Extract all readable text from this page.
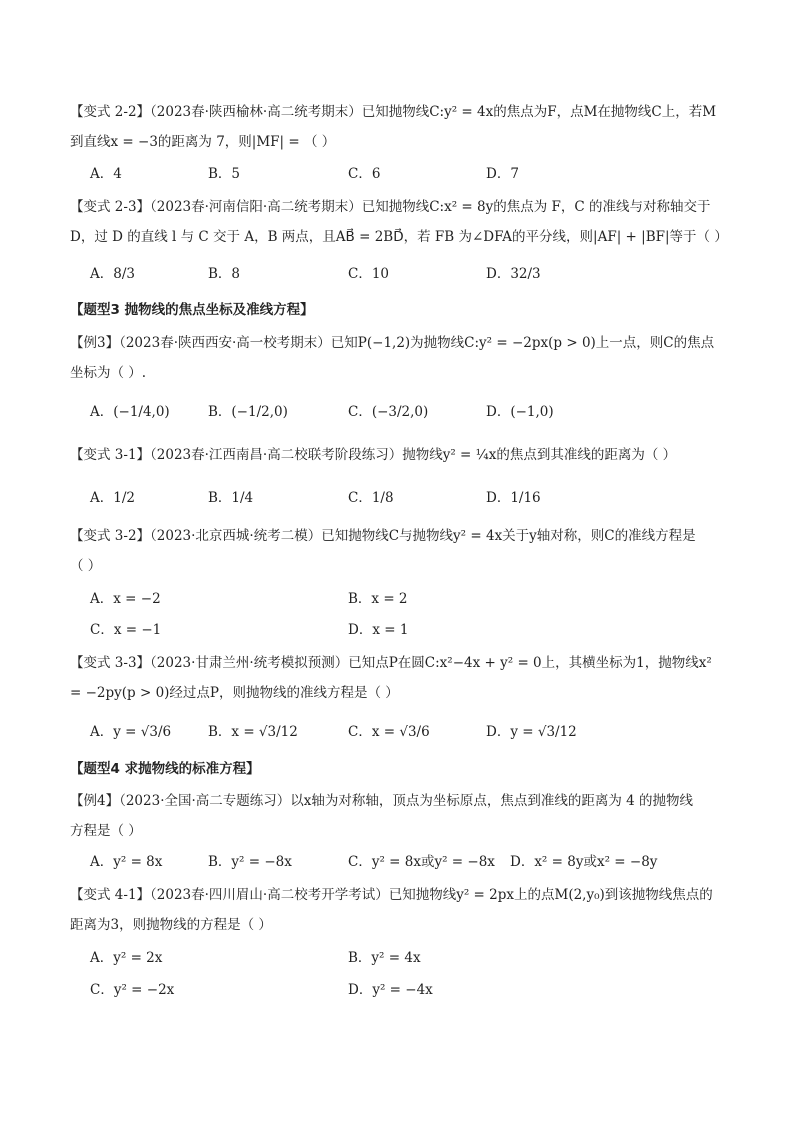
【变式 2-2】（2023春·陕西榆林·高二统考期末）已知抛物线C:y² = 4x的焦点为F，点M在抛物线C上，若M
到直线x = −3的距离为 7，则|MF| = （ ）
A．4	B．5	C．6	D．7
【变式 2-3】（2023春·河南信阳·高二统考期末）已知抛物线C:x² = 8y的焦点为 F，C 的准线与对称轴交于
D，过 D 的直线 l 与 C 交于 A，B 两点，且AB⃗ = 2BD⃗，若 FB 为∠DFA的平分线，则|AF| + |BF|等于（ ）
A．8/3	B．8	C．10	D．32/3
【题型3 抛物线的焦点坐标及准线方程】
【例3】（2023春·陕西西安·高一校考期末）已知P(−1,2)为抛物线C:y² = −2px(p > 0)上一点，则C的焦点
坐标为（ ）.
A．(−1/4,0)	B．(−1/2,0)	C．(−3/2,0)	D．(−1,0)
【变式 3-1】（2023春·江西南昌·高二校联考阶段练习）抛物线y² = ¼x的焦点到其准线的距离为（ ）
A．1/2	B．1/4	C．1/8	D．1/16
【变式 3-2】（2023·北京西城·统考二模）已知抛物线C与抛物线y² = 4x关于y轴对称，则C的准线方程是
（ ）
A．x = −2	B．x = 2
C．x = −1	D．x = 1
【变式 3-3】（2023·甘肃兰州·统考模拟预测）已知点P在圆C:x²−4x + y² = 0上，其横坐标为1，抛物线x²
= −2py(p > 0)经过点P，则抛物线的准线方程是（ ）
A．y = √3/6	B．x = √3/12	C．x = √3/6	D．y = √3/12
【题型4 求抛物线的标准方程】
【例4】（2023·全国·高二专题练习）以x轴为对称轴，顶点为坐标原点，焦点到准线的距离为 4 的抛物线
方程是（ ）
A．y² = 8x	B．y² = −8x	C．y² = 8x或y² = −8x D．x² = 8y或x² = −8y
【变式 4-1】（2023春·四川眉山·高二校考开学考试）已知抛物线y² = 2px上的点M(2,y₀)到该抛物线焦点的
距离为3，则抛物线的方程是（ ）
A．y² = 2x	B．y² = 4x
C．y² = −2x	D．y² = −4x
